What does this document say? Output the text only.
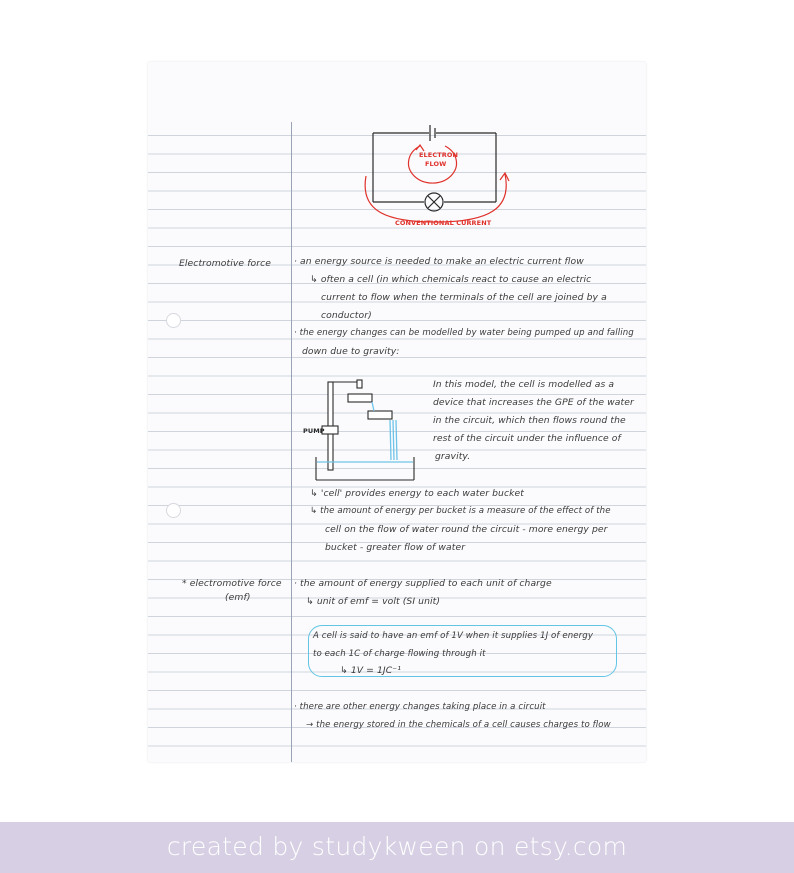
ELECTRON
FLOW
CONVENTIONAL CURRENT
Electromotive force · an energy source is needed to make an electric current flow
↳ often a cell (in which chemicals react to cause an electric
current to flow when the terminals of the cell are joined by a
conductor)
· the energy changes can be modelled by water being pumped up and falling
down due to gravity:
PUMP
In this model, the cell is modelled as a
device that increases the GPE of the water
in the circuit, which then flows round the
rest of the circuit under the influence of
gravity.
↳ 'cell' provides energy to each water bucket
↳ the amount of energy per bucket is a measure of the effect of the
cell on the flow of water round the circuit - more energy per
bucket - greater flow of water
* electromotive force
(emf)
· the amount of energy supplied to each unit of charge
↳ unit of emf = volt (SI unit)
A cell is said to have an emf of 1V when it supplies 1J of energy
to each 1C of charge flowing through it
↳ 1V = 1JC⁻¹
· there are other energy changes taking place in a circuit
→ the energy stored in the chemicals of a cell causes charges to flow
created by studykween on etsy.com
